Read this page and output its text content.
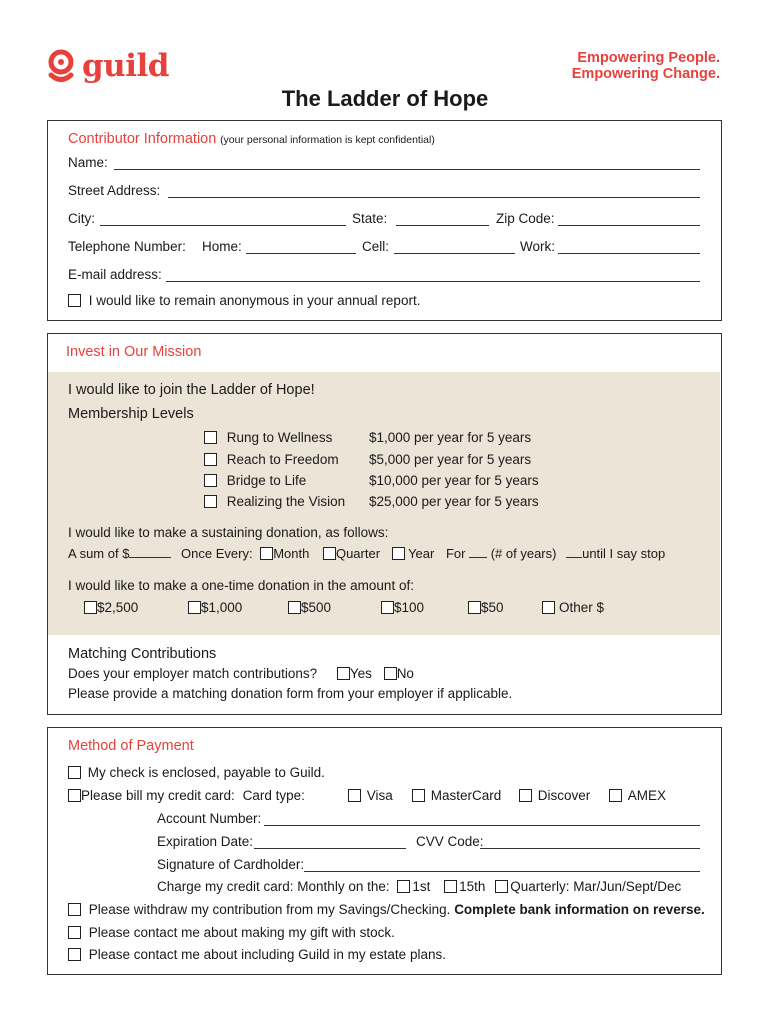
guild	Empowering People.
Empowering Change.
The Ladder of Hope
Contributor Information (your personal information is kept confidential)
Name:
Street Address:
City:	State:	Zip Code:
Telephone Number: Home:	Cell:	Work:
E-mail address:
I would like to remain anonymous in your annual report.
Invest in Our Mission
I would like to join the Ladder of Hope!
Membership Levels
Rung to Wellness	$1,000 per year for 5 years
Reach to Freedom $5,000 per year for 5 years
Bridge to Life	$10,000 per year for 5 years
Realizing the Vision $25,000 per year for 5 years
I would like to make a sustaining donation, as follows:
A sum of $	Once Every: Month Quarter Year For (# of years) until I say stop
I would like to make a one-time donation in the amount of:
$2,500	$1,000	$500	$100	$50	Other $
Matching Contributions
Does your employer match contributions? Yes No
Please provide a matching donation form from your employer if applicable.
Method of Payment
My check is enclosed, payable to Guild.
Please bill my credit card: Card type:	Visa	MasterCard	Discover	AMEX
Account Number:
Expiration Date:	CVV Code:
Signature of Cardholder:
Charge my credit card: Monthly on the: 1st 15th Quarterly: Mar/Jun/Sept/Dec
Please withdraw my contribution from my Savings/Checking. Complete bank information on reverse.
Please contact me about making my gift with stock.
Please contact me about including Guild in my estate plans.
